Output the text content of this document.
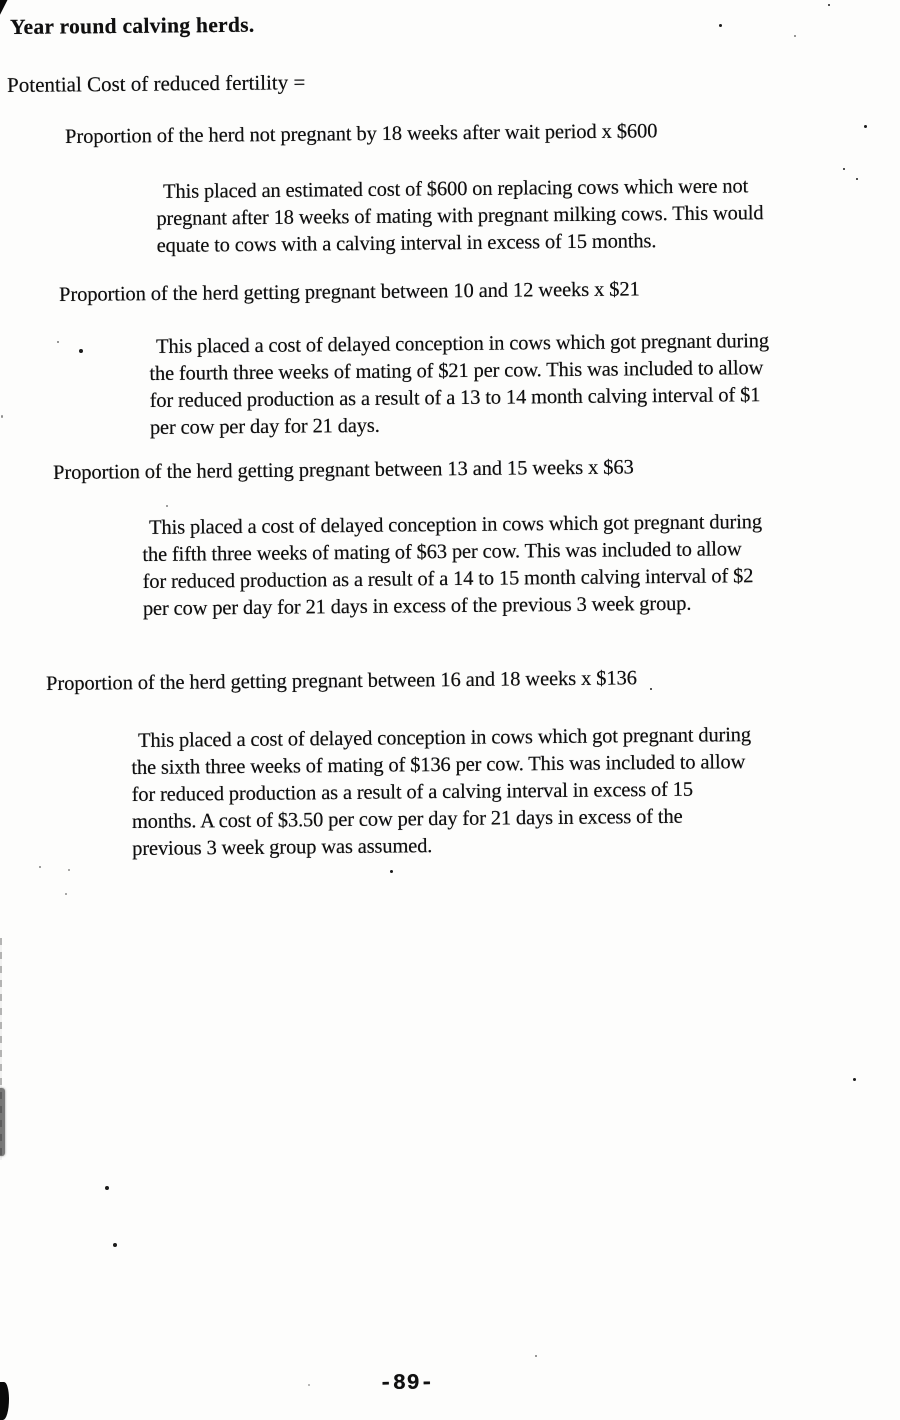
Year round calving herds.
Potential Cost of reduced fertility =
Proportion of the herd not pregnant by 18 weeks after wait period x $600
This placed an estimated cost of $600 on replacing cows which were not
pregnant after 18 weeks of mating with pregnant milking cows. This would
equate to cows with a calving interval in excess of 15 months.
Proportion of the herd getting pregnant between 10 and 12 weeks x $21
This placed a cost of delayed conception in cows which got pregnant during
the fourth three weeks of mating of $21 per cow. This was included to allow
for reduced production as a result of a 13 to 14 month calving interval of $1
per cow per day for 21 days.
Proportion of the herd getting pregnant between 13 and 15 weeks x $63
This placed a cost of delayed conception in cows which got pregnant during
the fifth three weeks of mating of $63 per cow. This was included to allow
for reduced production as a result of a 14 to 15 month calving interval of $2
per cow per day for 21 days in excess of the previous 3 week group.
Proportion of the herd getting pregnant between 16 and 18 weeks x $136
This placed a cost of delayed conception in cows which got pregnant during
the sixth three weeks of mating of $136 per cow. This was included to allow
for reduced production as a result of a calving interval in excess of 15
months. A cost of $3.50 per cow per day for 21 days in excess of the
previous 3 week group was assumed.
-89-
